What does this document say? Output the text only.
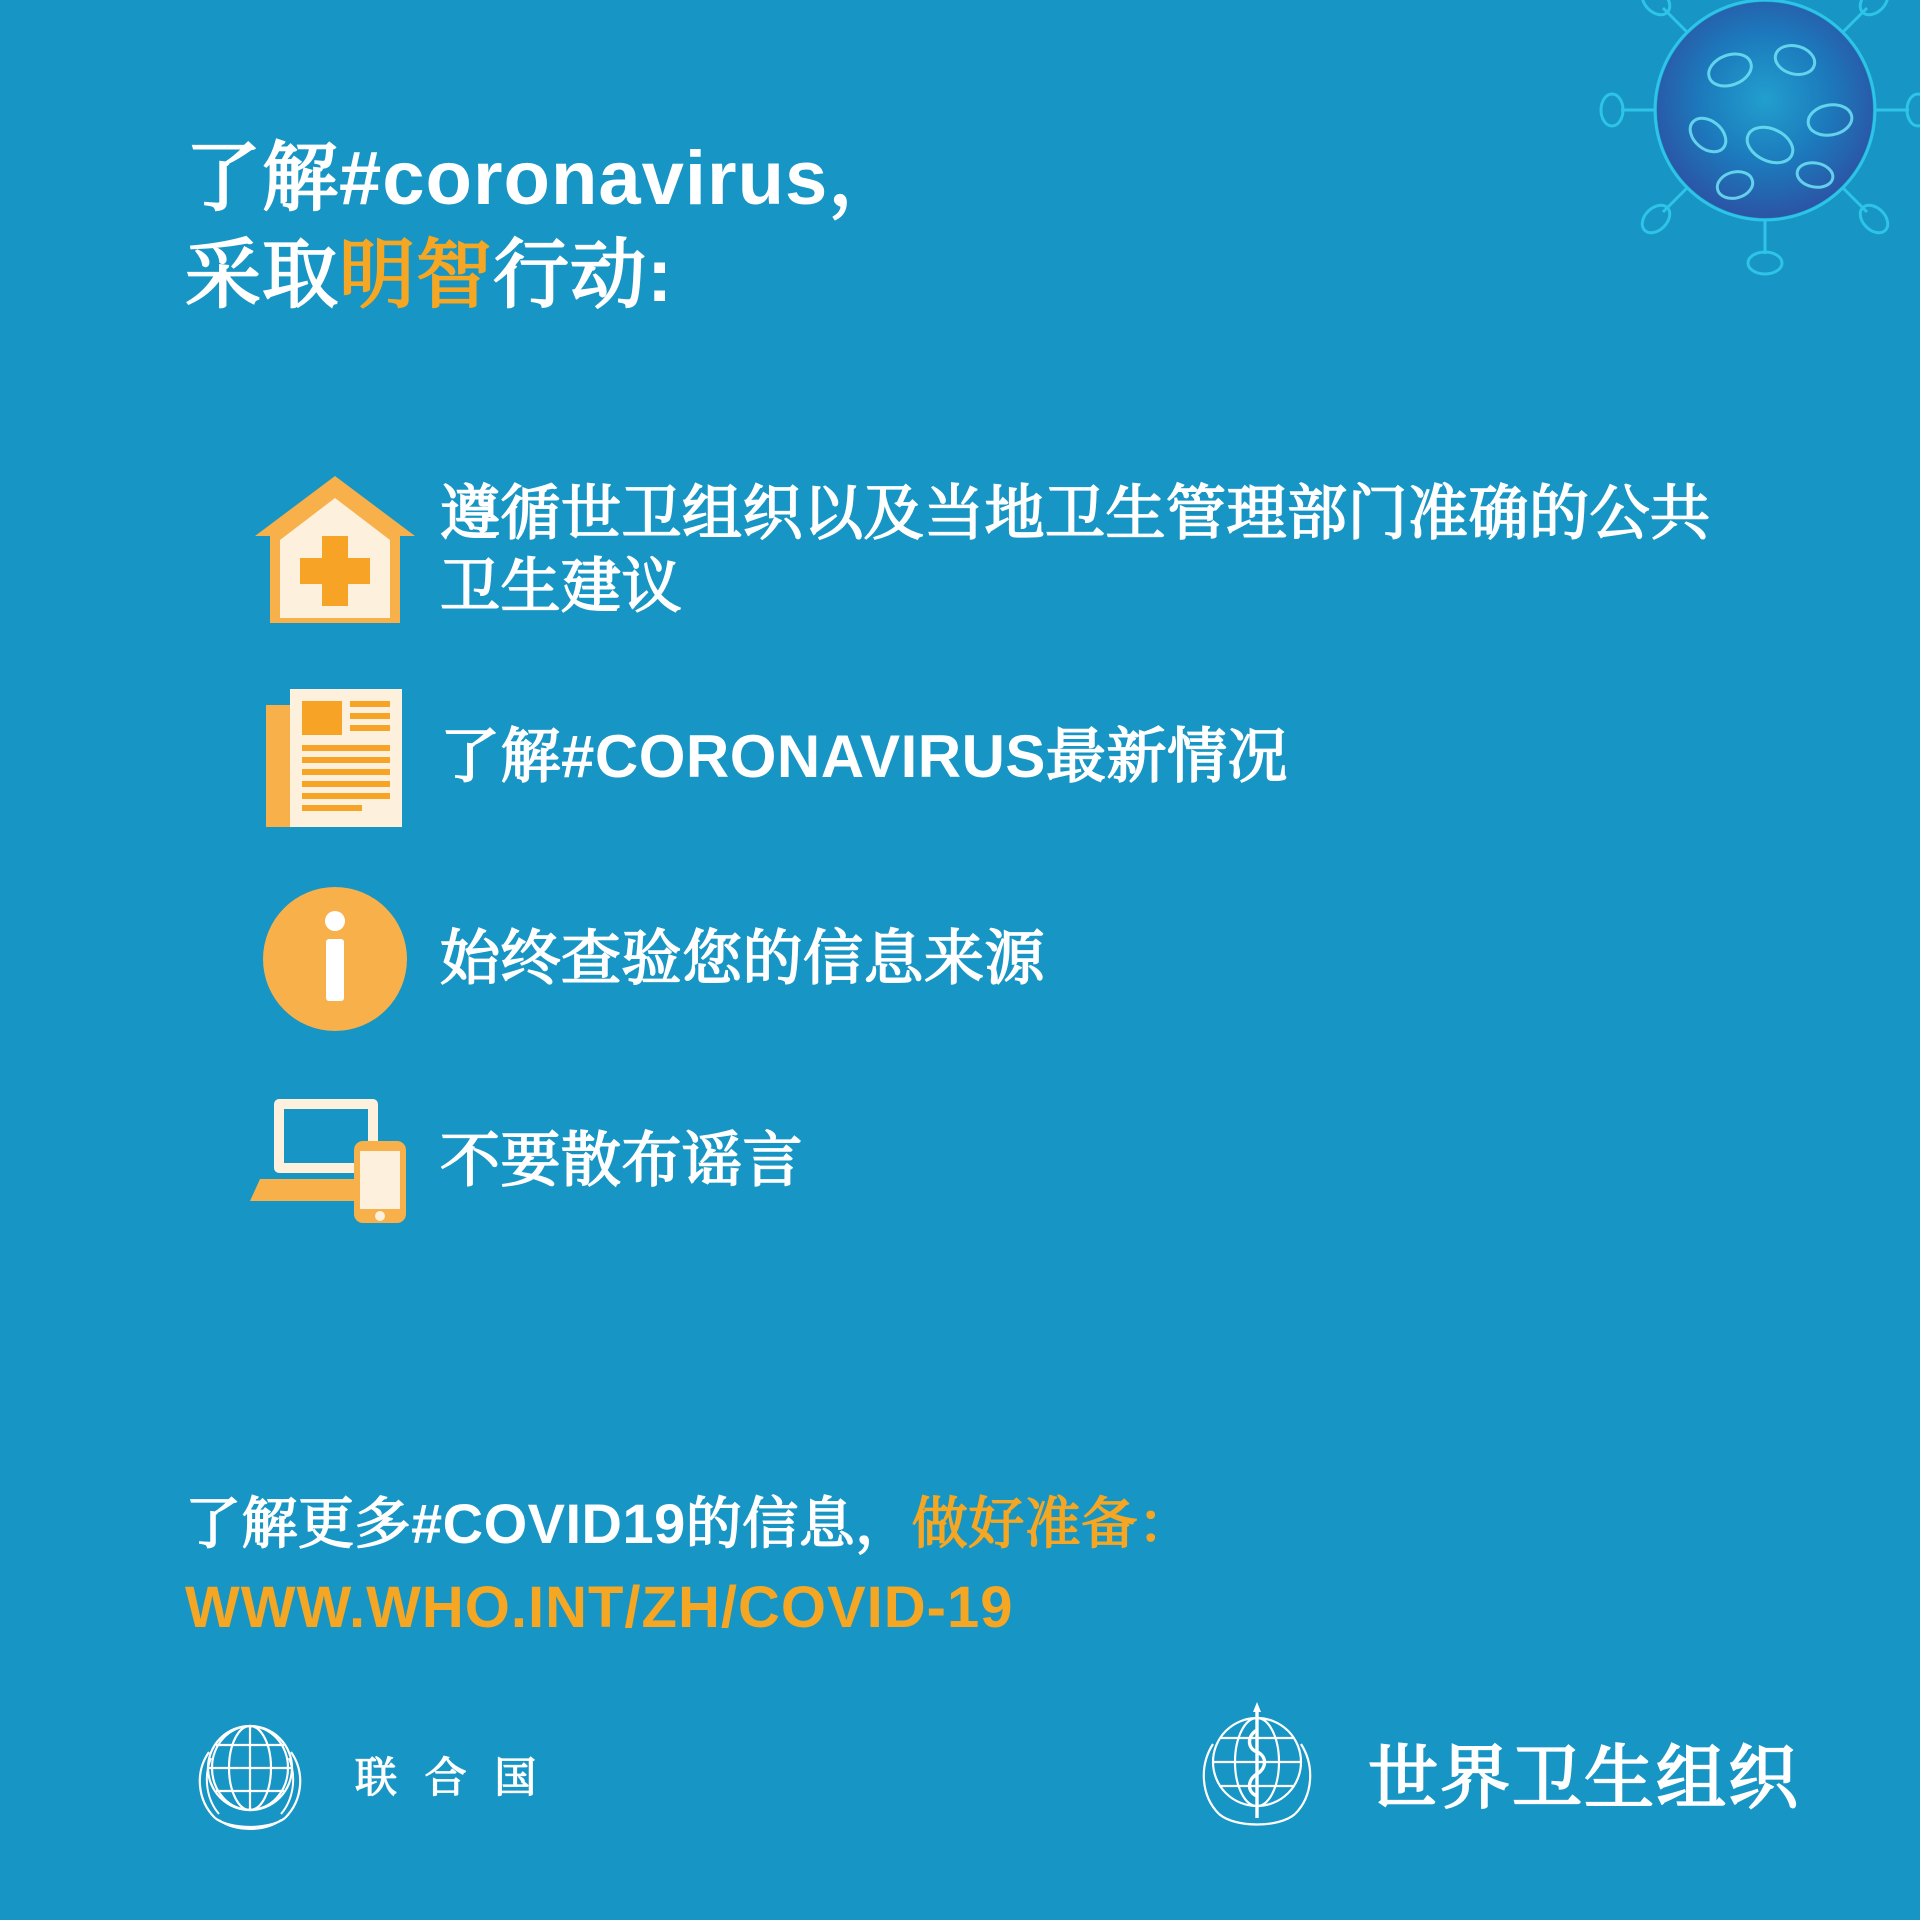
了解#coronavirus，
采取明智行动:
遵循世卫组织以及当地卫生管理部门准确的公共卫生建议
了解#CORONAVIRUS最新情况
始终查验您的信息来源
不要散布谣言
了解更多#COVID19的信息，做好准备：
WWW.WHO.INT/ZH/COVID-19
联 合 国	世界卫生组织
